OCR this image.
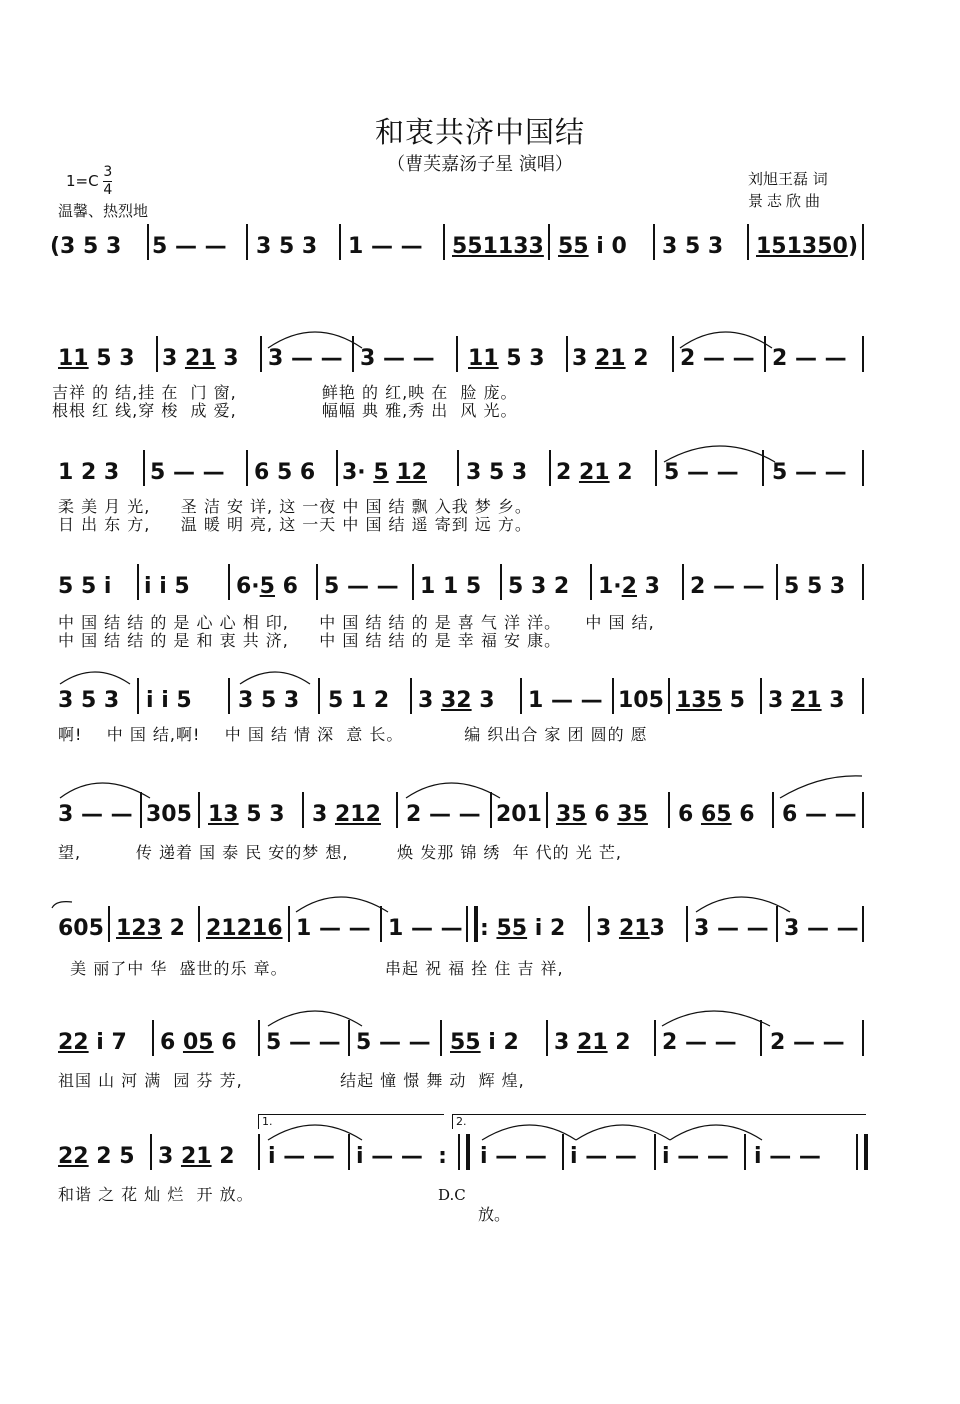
和衷共济中国结
（曹芙嘉汤子星 演唱）
$1=C \frac{3}{4}$
温馨、热烈地
刘旭王磊 词
景志欣曲
(3 5 3 5 — — 3 5 3 1 — — 551133 55 i 0 3 5 3 151350 )
11 5 3 3 21 3 3 — — 3 — — 11 5 3 3 21 2 2 — — 2 — —
吉祥 的 结,挂 在  门 窗,              鲜艳 的 红,映 在  脸 庞。
根根 红 线,穿 梭  成 爱,              幅幅 典 雅,秀 出  风 光。
1 2 3 5 — — 6 5 6 3· 5 12 3 5 3 2 21 2 5 — — 5 — —
柔 美 月 光,     圣 洁 安 详, 这 一夜 中 国 结 飘 入我 梦 乡。
日 出 东 方,     温 暖 明 亮, 这 一天 中 国 结 遥 寄到 远 方。
5 5 i i i 5 6·5 6 5 — — 1 1 5 5 3 2 1·2 3 2 — — 5 5 3
中 国 结 结 的 是 心 心 相 印,     中 国 结 结 的 是 喜 气 洋 洋。    中 国 结,
中 国 结 结 的 是 和 衷 共 济,     中 国 结 结 的 是 幸 福 安 康。
3 5 3 i i 5 3 5 3 5 1 2 3 32 3 1 — — 105 135 5 3 21 3
啊!    中 国 结,啊!    中 国 结 情 深  意 长。          编 织出合 家 团 圆的 愿
3 — — 305 13 5 3 3 212 2 — — 201 35 6 35 6 65 6 6 — —
望,         传 递着 国 泰 民 安的梦 想,        焕 发那 锦 绣  年 代的 光 芒,
605 123 2 21216 1 — — 1 — — : 55 i 2 3 213 3 — — 3 — —
美 丽了中 华  盛世的乐 章。                串起 祝 福 拴 住 吉 祥,
22 i 7 6 05 6 5 — — 5 — — 55 i 2 3 21 2 2 — — 2 — —
祖国 山 河 满  园 芬 芳,                结起 憧 憬 舞 动  辉 煌,
1.	2.
22 2 5 3 21 2 i — — i — —  : i — — i — — i — — i — —
和谐 之 花 灿 烂  开 放。	D.C
放。
